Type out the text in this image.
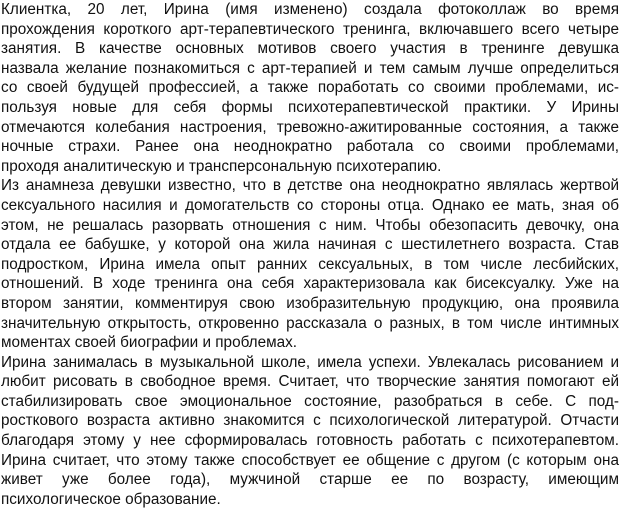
Клиентка, 20 лет, Ирина (имя изменено) создала фотоколлаж во время
прохождения короткого арт-терапевтического тренинга, включавшего всего четыре
занятия. В качестве основных мотивов своего участия в тренинге девушка
назвала желание познакомиться с арт-терапией и тем самым лучше определиться
со своей будущей профессией, а также поработать со своими проблемами, ис-
пользуя новые для себя формы психотерапевтической практики. У Ирины
отмечаются колебания настроения, тревожно-ажитированные состояния, а также
ночные страхи. Ранее она неоднократно работала со своими проблемами,
проходя аналитическую и трансперсональную психотерапию.
Из анамнеза девушки известно, что в детстве она неоднократно являлась жертвой
сексуального насилия и домогательств со стороны отца. Однако ее мать, зная об
этом, не решалась разорвать отношения с ним. Чтобы обезопасить девочку, она
отдала ее бабушке, у которой она жила начиная с шестилетнего возраста. Став
подростком, Ирина имела опыт ранних сексуальных, в том числе лесбийских,
отношений. В ходе тренинга она себя характеризовала как бисексуалку. Уже на
втором занятии, комментируя свою изобразительную продукцию, она проявила
значительную открытость, откровенно рассказала о разных, в том числе интимных
моментах своей биографии и проблемах.
Ирина занималась в музыкальной школе, имела успехи. Увлекалась рисованием и
любит рисовать в свободное время. Считает, что творческие занятия помогают ей
стабилизировать свое эмоциональное состояние, разобраться в себе. С под-
росткового возраста активно знакомится с психологической литературой. Отчасти
благодаря этому у нее сформировалась готовность работать с психотерапевтом.
Ирина считает, что этому также способствует ее общение с другом (с которым она
живет уже более года), мужчиной старше ее по возрасту, имеющим
психологическое образование.
